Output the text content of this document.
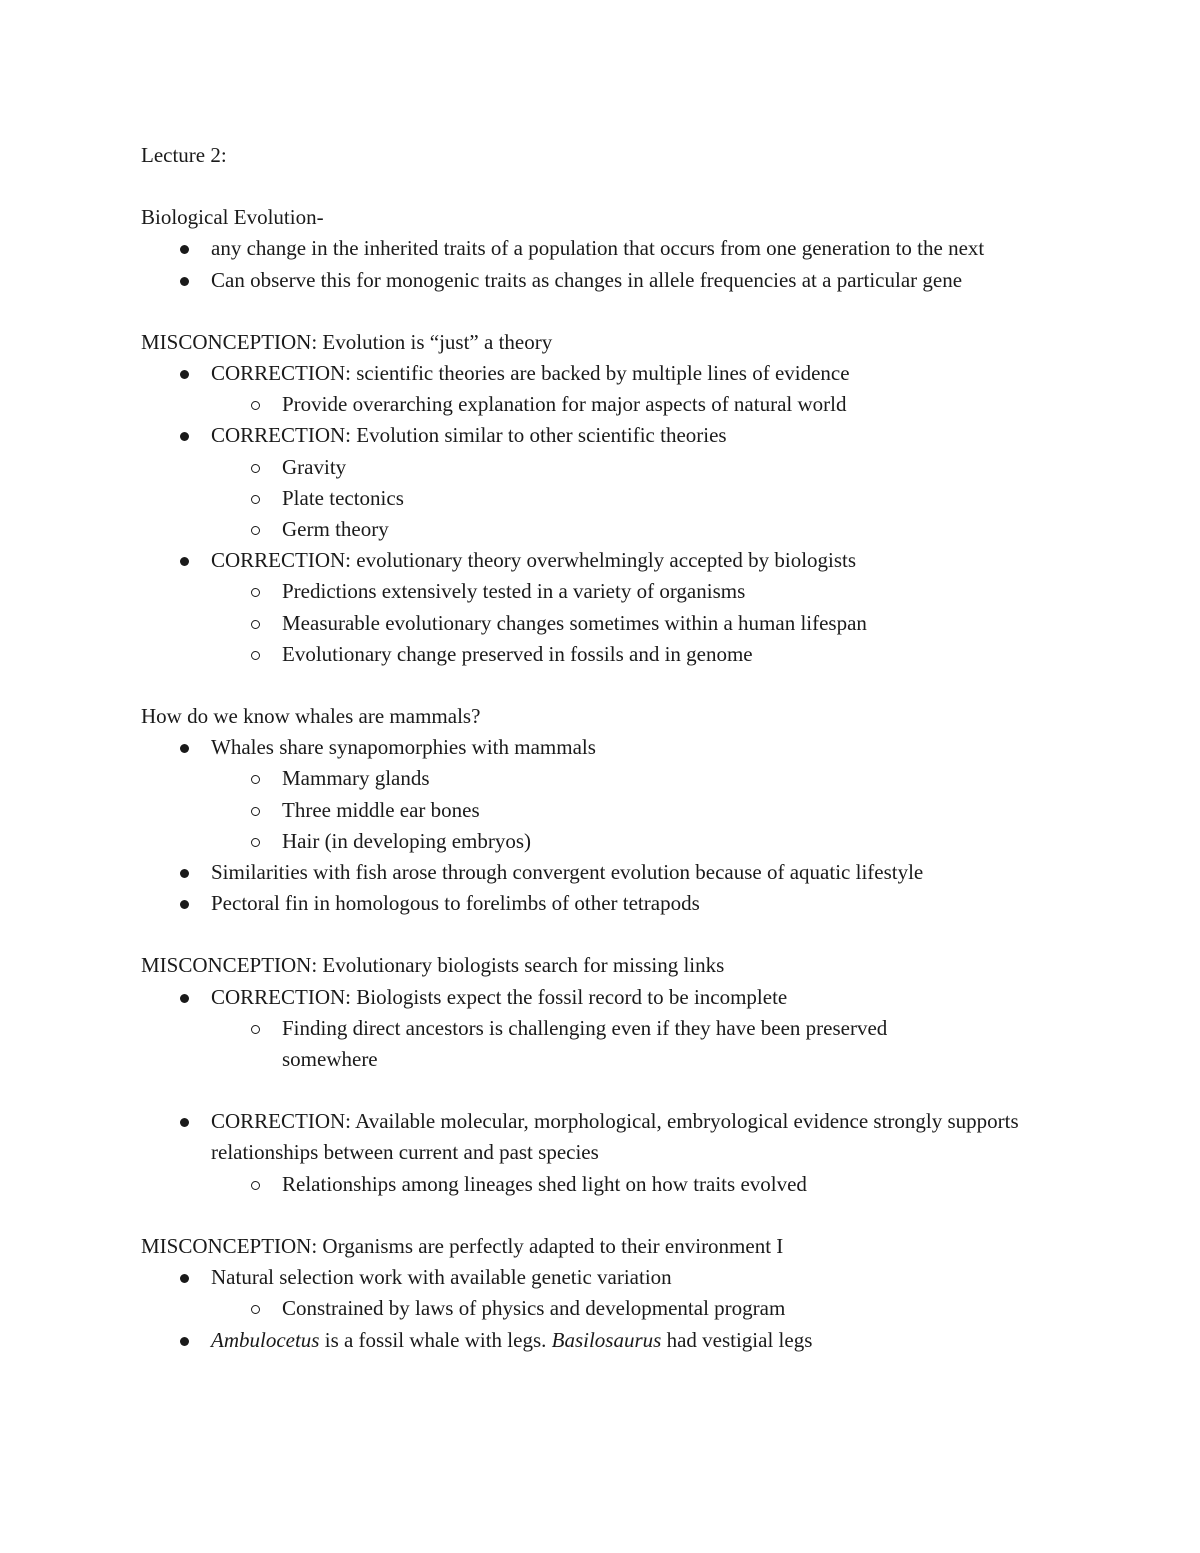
Lecture 2:

Biological Evolution-

any change in the inherited traits of a population that occurs from one generation to the next
Can observe this for monogenic traits as changes in allele frequencies at a particular gene

MISCONCEPTION: Evolution is “just” a theory

CORRECTION: scientific theories are backed by multiple lines of evidence
Provide overarching explanation for major aspects of natural world
CORRECTION: Evolution similar to other scientific theories
Gravity
Plate tectonics
Germ theory
CORRECTION: evolutionary theory overwhelmingly accepted by biologists
Predictions extensively tested in a variety of organisms
Measurable evolutionary changes sometimes within a human lifespan
Evolutionary change preserved in fossils and in genome

How do we know whales are mammals?

Whales share synapomorphies with mammals
Mammary glands
Three middle ear bones
Hair (in developing embryos)
Similarities with fish arose through convergent evolution because of aquatic lifestyle
Pectoral fin in homologous to forelimbs of other tetrapods

MISCONCEPTION: Evolutionary biologists search for missing links

CORRECTION: Biologists expect the fossil record to be incomplete
Finding direct ancestors is challenging even if they have been preserved somewhere
CORRECTION: Available molecular, morphological, embryological evidence strongly supports relationships between current and past species
Relationships among lineages shed light on how traits evolved

MISCONCEPTION: Organisms are perfectly adapted to their environment I

Natural selection work with available genetic variation
Constrained by laws of physics and developmental program
Ambulocetus is a fossil whale with legs. Basilosaurus had vestigial legs
